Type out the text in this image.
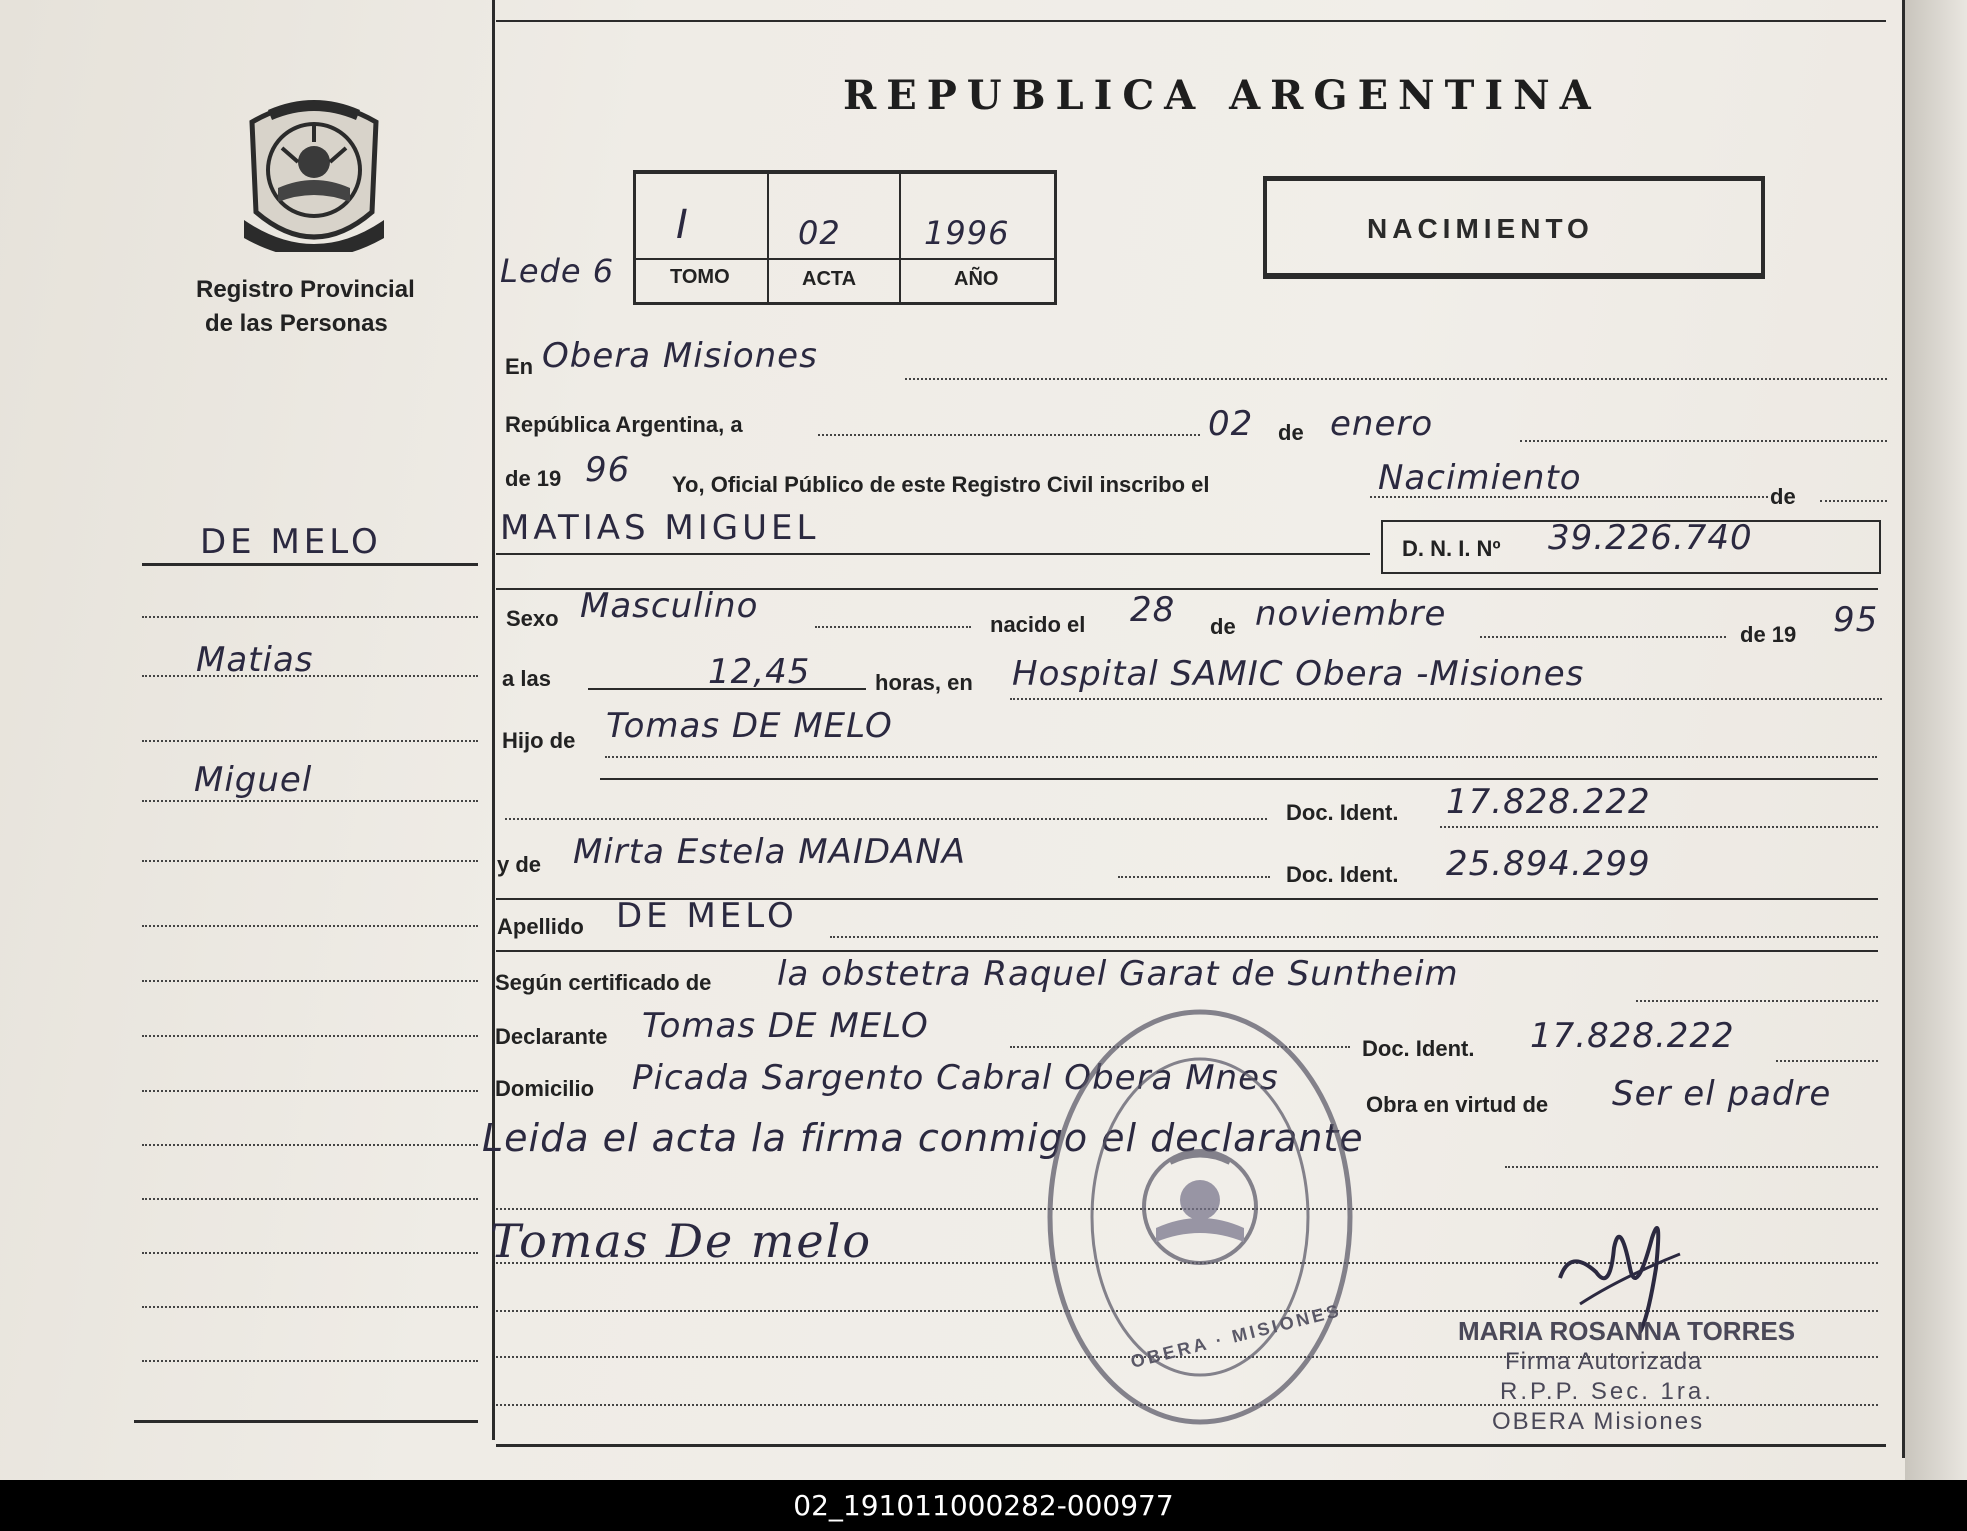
Registro Provincial
de las Personas
REPUBLICA ARGENTINA
Lede 6
I	02	1996
TOMO	ACTA	AÑO
NACIMIENTO
DE MELO
Matias
Miguel
En Obera Misiones
República Argentina, a	02 de enero
de 19 96 Yo, Oficial Público de este Registro Civil inscribo el	Nacimiento	de
MATIAS MIGUEL
D. N. I. Nº 39.226.740
Sexo Masculino	nacido el 28 de noviembre
de 19 95
a las	12,45	horas, en Hospital SAMIC Obera -Misiones
Hijo de Tomas DE MELO
Doc. Ident. 17.828.222
y de Mirta Estela MAIDANA
Doc. Ident. 25.894.299
Apellido DE MELO
Según certificado de la obstetra Raquel Garat de Suntheim
Declarante Tomas DE MELO
Doc. Ident. 17.828.222
Domicilio Picada Sargento Cabral Obera Mnes
Obra en virtud de Ser el padre
Leida el acta la firma conmigo el declarante
Tomas De melo
OBERA · MISIONES	MARIA ROSANNA TORRES
Firma Autorizada
R.P.P. Sec. 1ra.
OBERA Misiones
02_191011000282-000977
